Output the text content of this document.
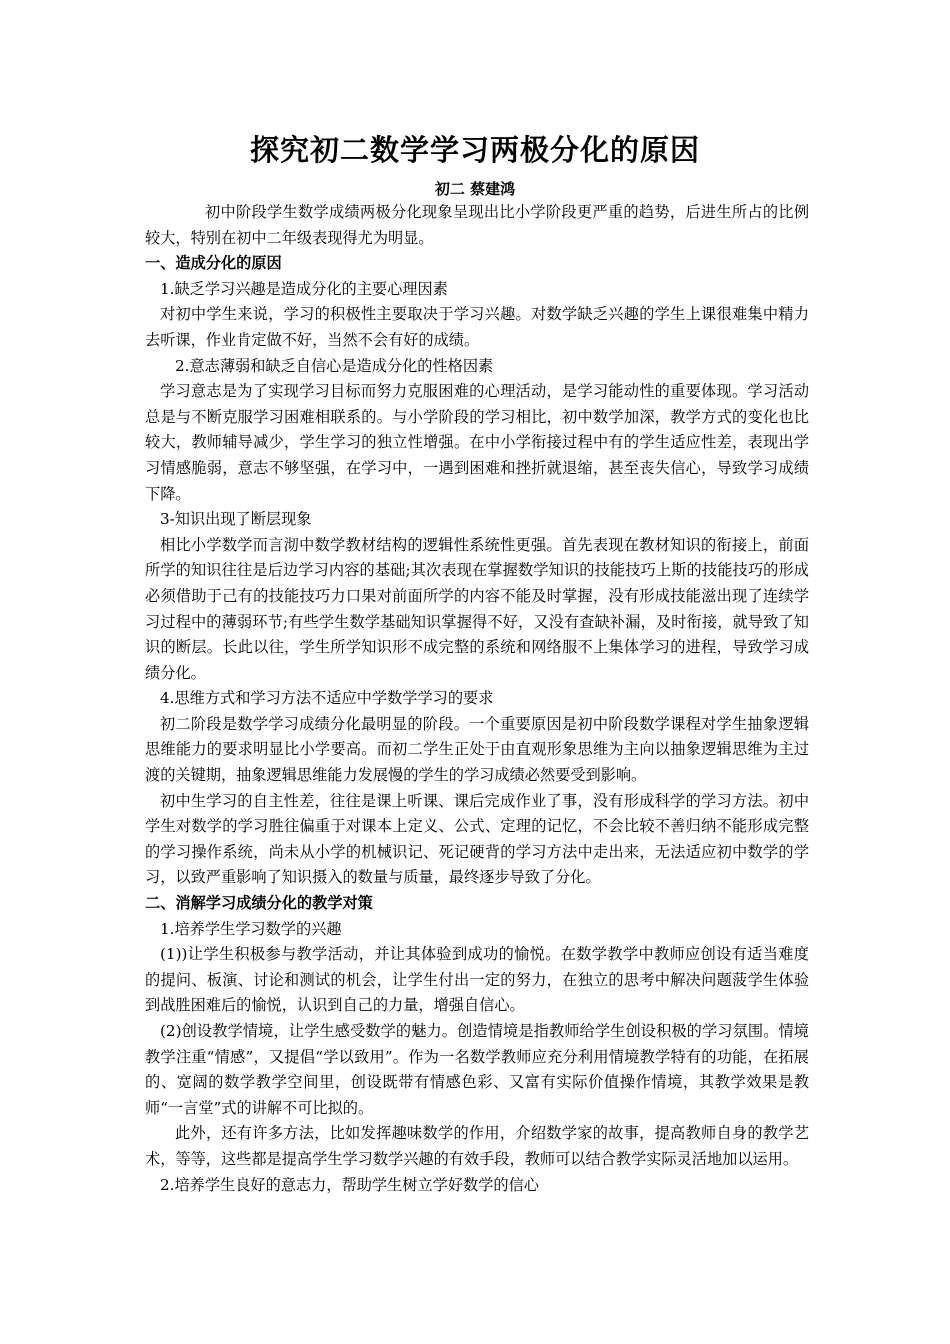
探究初二数学学习两极分化的原因
初二 蔡建鸿

初中阶段学生数学成绩两极分化现象呈现出比小学阶段更严重的趋势，后进生所占的比例较大，特别在初中二年级表现得尤为明显。

一、造成分化的原因

1.缺乏学习兴趣是造成分化的主要心理因素

对初中学生来说，学习的积极性主要取决于学习兴趣。对数学缺乏兴趣的学生上课很难集中精力去听课，作业肯定做不好，当然不会有好的成绩。

2.意志薄弱和缺乏自信心是造成分化的性格因素

学习意志是为了实现学习目标而努力克服困难的心理活动，是学习能动性的重要体现。学习活动总是与不断克服学习困难相联系的。与小学阶段的学习相比，初中数学加深，教学方式的变化也比较大，教师辅导减少，学生学习的独立性增强。在中小学衔接过程中有的学生适应性差，表现出学习情感脆弱，意志不够坚强，在学习中，一遇到困难和挫折就退缩，甚至丧失信心，导致学习成绩下降。

3-知识出现了断层现象

相比小学数学而言沏中数学教材结构的逻辑性系统性更强。首先表现在教材知识的衔接上，前面所学的知识往往是后边学习内容的基础;其次表现在掌握数学知识的技能技巧上斯的技能技巧的形成必须借助于己有的技能技巧力口果对前面所学的内容不能及时掌握，没有形成技能滋出现了连续学习过程中的薄弱环节;有些学生数学基础知识掌握得不好，又没有查缺补漏，及时衔接，就导致了知识的断层。长此以往，学生所学知识形不成完整的系统和网络服不上集体学习的进程，导致学习成绩分化。

4.思维方式和学习方法不适应中学数学学习的要求

初二阶段是数学学习成绩分化最明显的阶段。一个重要原因是初中阶段数学课程对学生抽象逻辑思维能力的要求明显比小学要高。而初二学生正处于由直观形象思维为主向以抽象逻辑思维为主过渡的关键期，抽象逻辑思维能力发展慢的学生的学习成绩必然要受到影响。

初中生学习的自主性差，往往是课上听课、课后完成作业了事，没有形成科学的学习方法。初中学生对数学的学习胜往偏重于对课本上定义、公式、定理的记忆，不会比较不善归纳不能形成完整的学习操作系统，尚未从小学的机械识记、死记硬背的学习方法中走出来，无法适应初中数学的学习，以致严重影响了知识摄入的数量与质量，最终逐步导致了分化。

二、消解学习成绩分化的教学对策

1.培养学生学习数学的兴趣

(1))让学生积极参与教学活动，并让其体验到成功的愉悦。在数学教学中教师应创设有适当难度的提问、板演、讨论和测试的机会，让学生付出一定的努力，在独立的思考中解决问题菠学生体验到战胜困难后的愉悦，认识到自己的力量，增强自信心。

(2)创设教学情境，让学生感受数学的魅力。创造情境是指教师给学生创设积极的学习氛围。情境教学注重“情感”，又提倡“学以致用”。作为一名数学教师应充分利用情境教学特有的功能，在拓展的、宽阔的数学教学空间里，创设既带有情感色彩、又富有实际价值操作情境，其教学效果是教师“一言堂”式的讲解不可比拟的。

此外，还有许多方法，比如发挥趣味数学的作用，介绍数学家的故事，提高教师自身的教学艺术，等等，这些都是提高学生学习数学兴趣的有效手段，教师可以结合教学实际灵活地加以运用。

2.培养学生良好的意志力，帮助学生树立学好数学的信心
